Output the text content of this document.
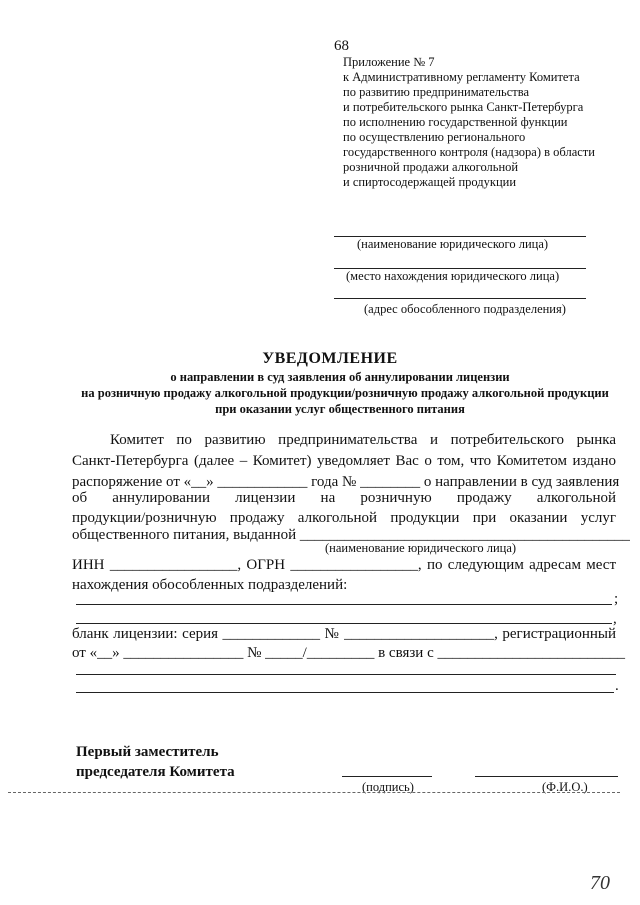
68
Приложение № 7
к Административному регламенту Комитета
по развитию предпринимательства
и потребительского рынка Санкт-Петербурга
по исполнению государственной функции
по осуществлению регионального
государственного контроля (надзора) в области
розничной продажи алкогольной
и спиртосодержащей продукции
(наименование юридического лица)
(место нахождения юридического лица)
(адрес обособленного подразделения)
УВЕДОМЛЕНИЕ
о направлении в суд заявления об аннулировании лицензии
на розничную продажу алкогольной продукции/розничную продажу алкогольной продукции
при оказании услуг общественного питания
Комитет по развитию предпринимательства и потребительского рынка
Санкт-Петербурга (далее – Комитет) уведомляет Вас о том, что Комитетом издано
распоряжение от «__» ____________ года № ________ о направлении в суд заявления
об аннулировании лицензии на розничную продажу алкогольной
продукции/розничную продажу алкогольной продукции при оказании услуг
общественного питания, выданной ____________________________________________
(наименование юридического лица)
ИНН _________________, ОГРН _________________, по следующим адресам мест
нахождения обособленных подразделений:
;
,
бланк лицензии: серия _____________ № ____________________, регистрационный
от «__» ________________ № _____/_________ в связи с _________________________
.
Первый заместитель
председателя Комитета
(подпись)	(Ф.И.О.)
70
